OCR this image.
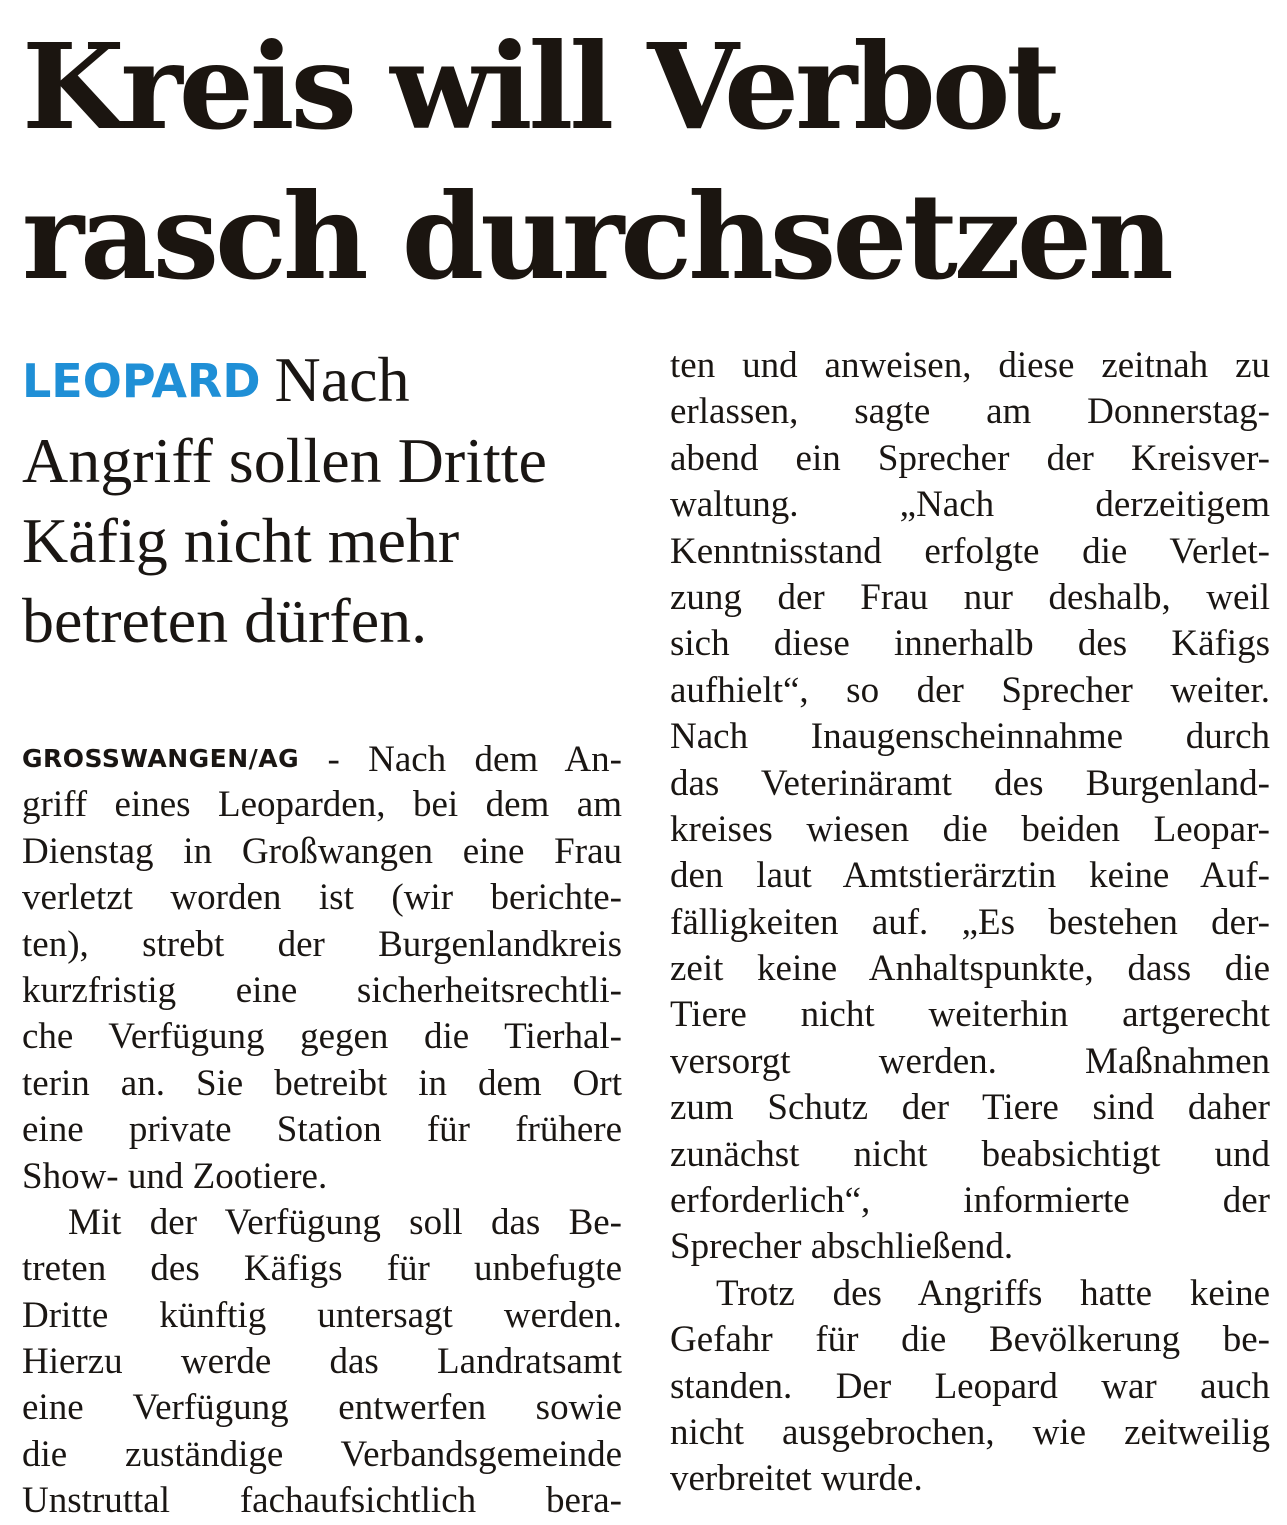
Kreis will Verbot
rasch durchsetzen
LEOPARD Nach
Angriff sollen Dritte
Käfig nicht mehr
betreten dürfen.

GROSSWANGEN/AG - Nach dem An-
griff eines Leoparden, bei dem am
Dienstag in Großwangen eine Frau
verletzt worden ist (wir berichte-
ten), strebt der Burgenlandkreis
kurzfristig eine sicherheitsrechtli-
che Verfügung gegen die Tierhal-
terin an. Sie betreibt in dem Ort
eine private Station für frühere
Show- und Zootiere.

Mit der Verfügung soll das Be-
treten des Käfigs für unbefugte
Dritte künftig untersagt werden.
Hierzu werde das Landratsamt
eine Verfügung entwerfen sowie
die zuständige Verbandsgemeinde
Unstruttal fachaufsichtlich bera-

ten und anweisen, diese zeitnah zu
erlassen, sagte am Donnerstag-
abend ein Sprecher der Kreisver-
waltung. „Nach derzeitigem
Kenntnisstand erfolgte die Verlet-
zung der Frau nur deshalb, weil
sich diese innerhalb des Käfigs
aufhielt“, so der Sprecher weiter.
Nach Inaugenscheinnahme durch
das Veterinäramt des Burgenland-
kreises wiesen die beiden Leopar-
den laut Amtstierärztin keine Auf-
fälligkeiten auf. „Es bestehen der-
zeit keine Anhaltspunkte, dass die
Tiere nicht weiterhin artgerecht
versorgt werden. Maßnahmen
zum Schutz der Tiere sind daher
zunächst nicht beabsichtigt und
erforderlich“, informierte der
Sprecher abschließend.

Trotz des Angriffs hatte keine
Gefahr für die Bevölkerung be-
standen. Der Leopard war auch
nicht ausgebrochen, wie zeitweilig
verbreitet wurde.
